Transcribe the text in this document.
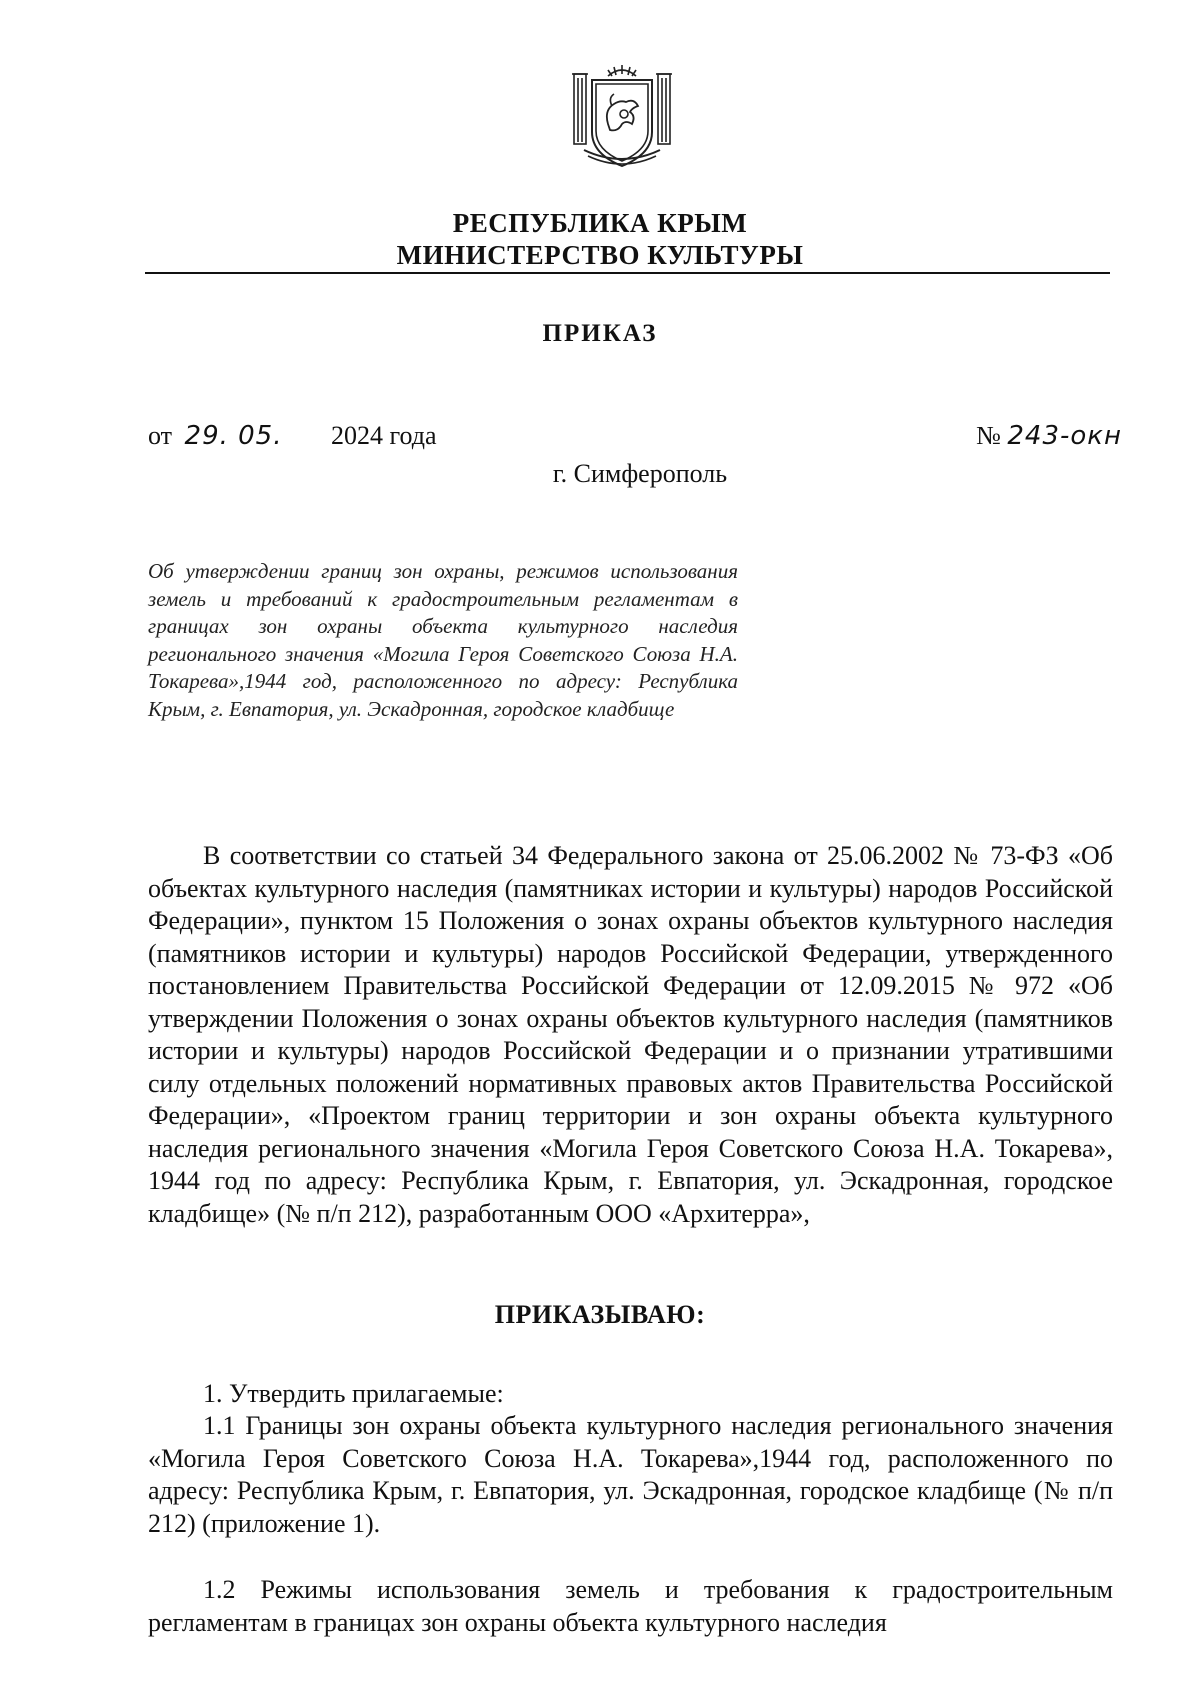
РЕСПУБЛИКА КРЫМ
МИНИСТЕРСТВО КУЛЬТУРЫ
ПРИКАЗ
от 29. 05. 2024 года	№ 243-окн
г. Симферополь
Об утверждении границ зон охраны, режимов использования земель и требований к градостроительным регламентам в границах зон охраны объекта культурного наследия регионального значения «Могила Героя Советского Союза Н.А. Токарева»,1944 год, расположенного по адресу: Республика Крым, г. Евпатория, ул. Эскадронная, городское кладбище

В соответствии со статьей 34 Федерального закона от 25.06.2002 № 73-ФЗ «Об объектах культурного наследия (памятниках истории и культуры) народов Российской Федерации», пунктом 15 Положения о зонах охраны объектов культурного наследия (памятников истории и культуры) народов Российской Федерации, утвержденного постановлением Правительства Российской Федерации от 12.09.2015 № 972 «Об утверждении Положения о зонах охраны объектов культурного наследия (памятников истории и культуры) народов Российской Федерации и о признании утратившими силу отдельных положений нормативных правовых актов Правительства Российской Федерации», «Проектом границ территории и зон охраны объекта культурного наследия регионального значения «Могила Героя Советского Союза Н.А. Токарева», 1944 год по адресу: Республика Крым, г. Евпатория, ул. Эскадронная, городское кладбище» (№ п/п 212), разработанным ООО «Архитерра»,

ПРИКАЗЫВАЮ:

1. Утвердить прилагаемые:

1.1 Границы зон охраны объекта культурного наследия регионального значения «Могила Героя Советского Союза Н.А. Токарева»,1944 год, расположенного по адресу: Республика Крым, г. Евпатория, ул. Эскадронная, городское кладбище (№ п/п 212) (приложение 1).

1.2 Режимы использования земель и требования к градостроительным регламентам в границах зон охраны объекта культурного наследия
